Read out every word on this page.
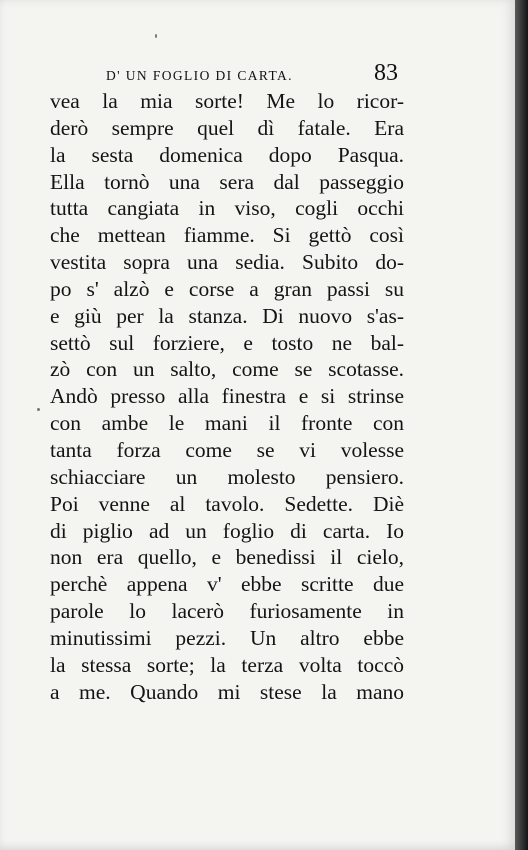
D' UN FOGLIO DI CARTA.	83
vea la mia sorte! Me lo ricor-
derò sempre quel dì fatale. Era
la sesta domenica dopo Pasqua.
Ella tornò una sera dal passeggio
tutta cangiata in viso, cogli occhi
che mettean fiamme. Si gettò così
vestita sopra una sedia. Subito do-
po s' alzò e corse a gran passi su
e giù per la stanza. Di nuovo s'as-
settò sul forziere, e tosto ne bal-
zò con un salto, come se scotasse.
Andò presso alla finestra e si strinse
con ambe le mani il fronte con
tanta forza come se vi volesse
schiacciare un molesto pensiero.
Poi venne al tavolo. Sedette. Diè
di piglio ad un foglio di carta. Io
non era quello, e benedissi il cielo,
perchè appena v' ebbe scritte due
parole lo lacerò furiosamente in
minutissimi pezzi. Un altro ebbe
la stessa sorte; la terza volta toccò
a me. Quando mi stese la mano
